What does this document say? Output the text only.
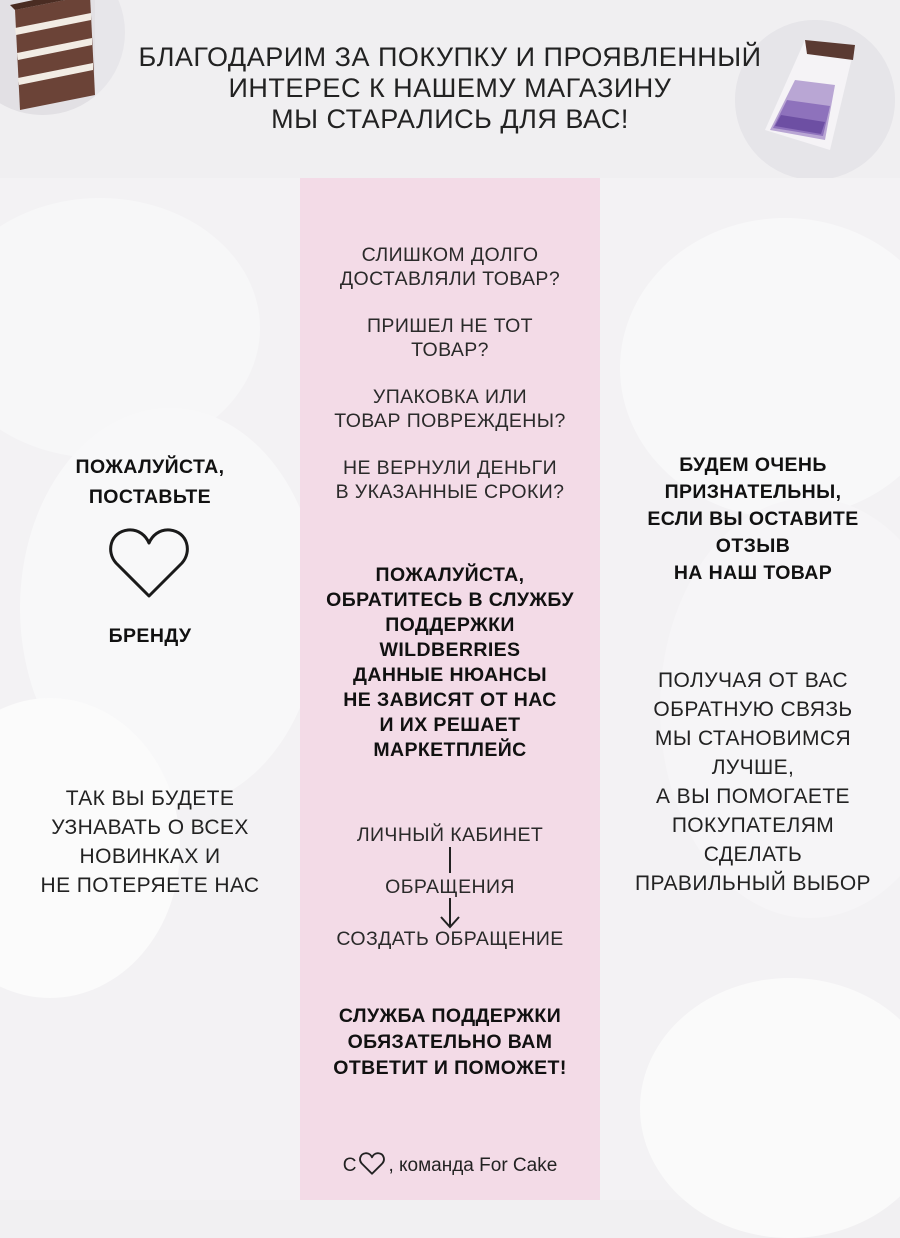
БЛАГОДАРИМ ЗА ПОКУПКУ И ПРОЯВЛЕННЫЙ
ИНТЕРЕС К НАШЕМУ МАГАЗИНУ
МЫ СТАРАЛИСЬ ДЛЯ ВАС!
ПОЖАЛУЙСТА,
ПОСТАВЬТЕ
БРЕНДУ
ТАК ВЫ БУДЕТЕ
УЗНАВАТЬ О ВСЕХ
НОВИНКАХ И
НЕ ПОТЕРЯЕТЕ НАС
СЛИШКОМ ДОЛГО
ДОСТАВЛЯЛИ ТОВАР?
ПРИШЕЛ НЕ ТОТ
ТОВАР?
УПАКОВКА ИЛИ
ТОВАР ПОВРЕЖДЕНЫ?
НЕ ВЕРНУЛИ ДЕНЬГИ
В УКАЗАННЫЕ СРОКИ?
ПОЖАЛУЙСТА,
ОБРАТИТЕСЬ В СЛУЖБУ
ПОДДЕРЖКИ
WILDBERRIES
ДАННЫЕ НЮАНСЫ
НЕ ЗАВИСЯТ ОТ НАС
И ИХ РЕШАЕТ
МАРКЕТПЛЕЙС
ЛИЧНЫЙ КАБИНЕТ
ОБРАЩЕНИЯ
СОЗДАТЬ ОБРАЩЕНИЕ
СЛУЖБА ПОДДЕРЖКИ
ОБЯЗАТЕЛЬНО ВАМ
ОТВЕТИТ И ПОМОЖЕТ!
С , команда For Cake
БУДЕМ ОЧЕНЬ
ПРИЗНАТЕЛЬНЫ,
ЕСЛИ ВЫ ОСТАВИТЕ
ОТЗЫВ
НА НАШ ТОВАР
ПОЛУЧАЯ ОТ ВАС
ОБРАТНУЮ СВЯЗЬ
МЫ СТАНОВИМСЯ
ЛУЧШЕ,
А ВЫ ПОМОГАЕТЕ
ПОКУПАТЕЛЯМ
СДЕЛАТЬ
ПРАВИЛЬНЫЙ ВЫБОР
